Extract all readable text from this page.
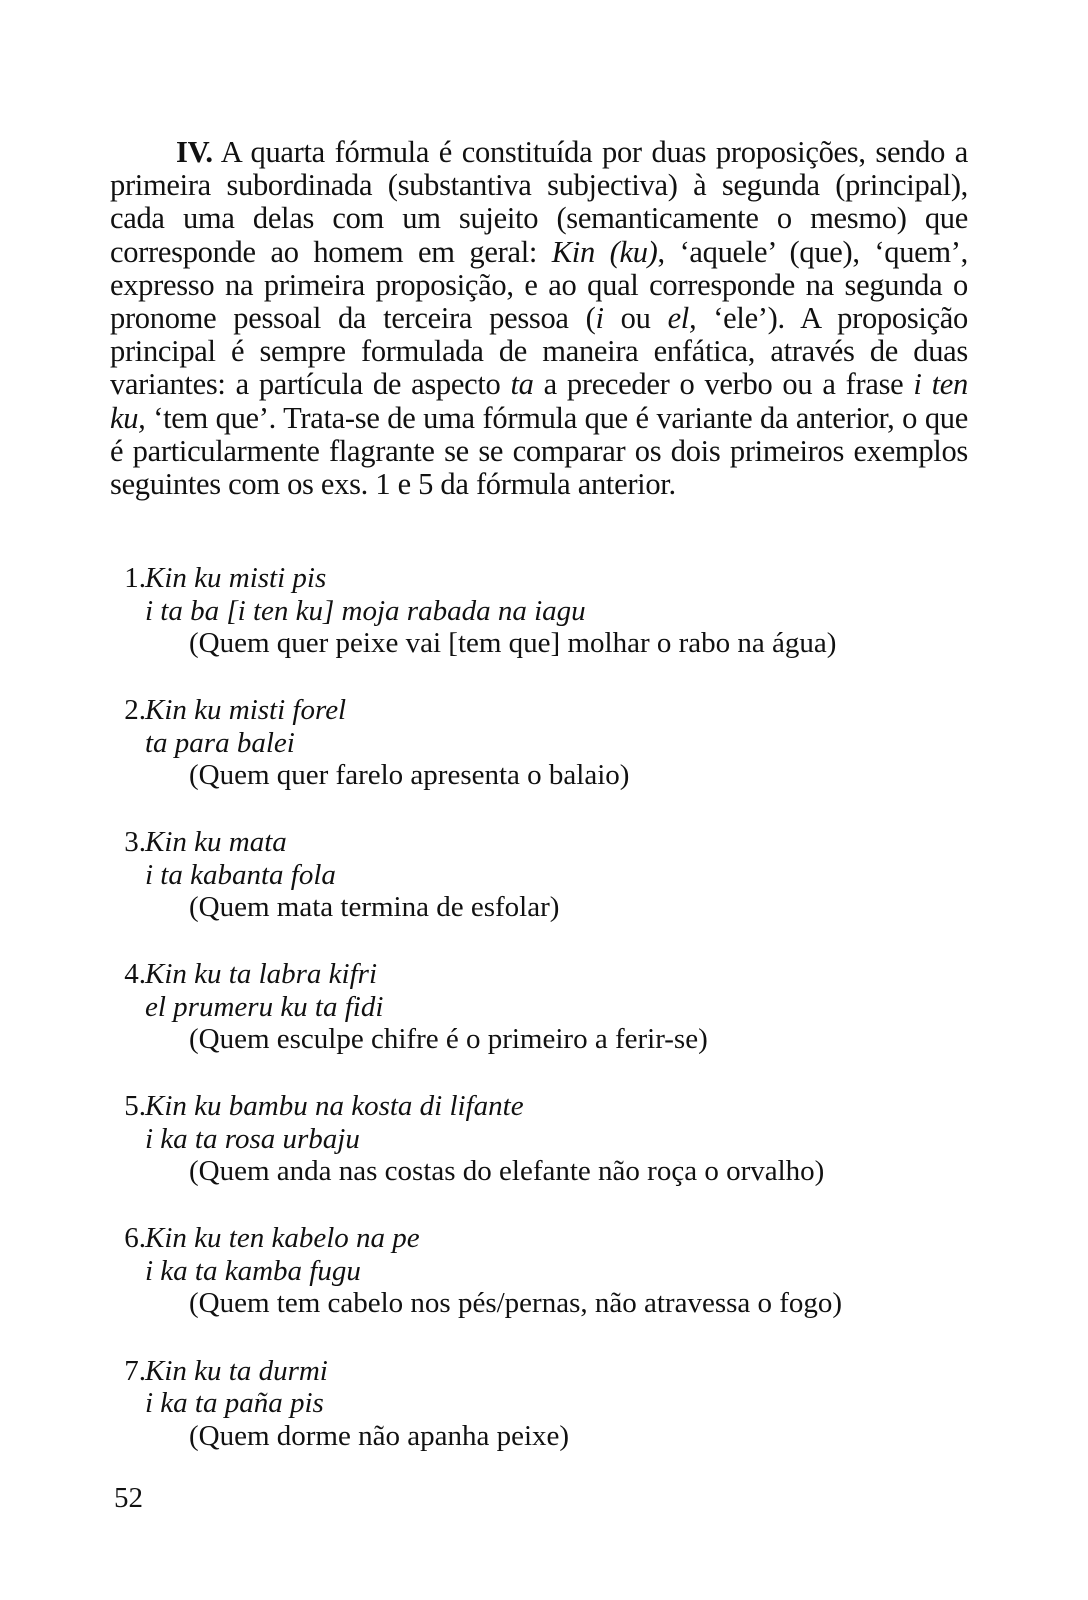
IV. A quarta fórmula é constituída por duas proposições, sendo a primeira subordinada (substantiva subjectiva) à segunda (principal), cada uma delas com um sujeito (semanticamente o mesmo) que corresponde ao homem em geral: Kin (ku), ‘aquele’ (que), ‘quem’, expresso na primeira proposição, e ao qual corresponde na segunda o pronome pessoal da terceira pessoa (i ou el, ‘ele’). A proposição principal é sempre formulada de maneira enfática, através de duas variantes: a partícula de aspecto ta a preceder o verbo ou a frase i ten ku, ‘tem que’. Trata-se de uma fórmula que é variante da anterior, o que é particularmente flagrante se se comparar os dois primeiros exemplos seguintes com os exs. 1 e 5 da fórmula anterior.

1. Kin ku misti pis
i ta ba [i ten ku] moja rabada na iagu
(Quem quer peixe vai [tem que] molhar o rabo na água)
2. Kin ku misti forel
ta para balei
(Quem quer farelo apresenta o balaio)
3. Kin ku mata
i ta kabanta fola
(Quem mata termina de esfolar)
4. Kin ku ta labra kifri
el prumeru ku ta fidi
(Quem esculpe chifre é o primeiro a ferir-se)
5. Kin ku bambu na kosta di lifante
i ka ta rosa urbaju
(Quem anda nas costas do elefante não roça o orvalho)
6. Kin ku ten kabelo na pe
i ka ta kamba fugu
(Quem tem cabelo nos pés/pernas, não atravessa o fogo)
7. Kin ku ta durmi
i ka ta paña pis
(Quem dorme não apanha peixe)
52
